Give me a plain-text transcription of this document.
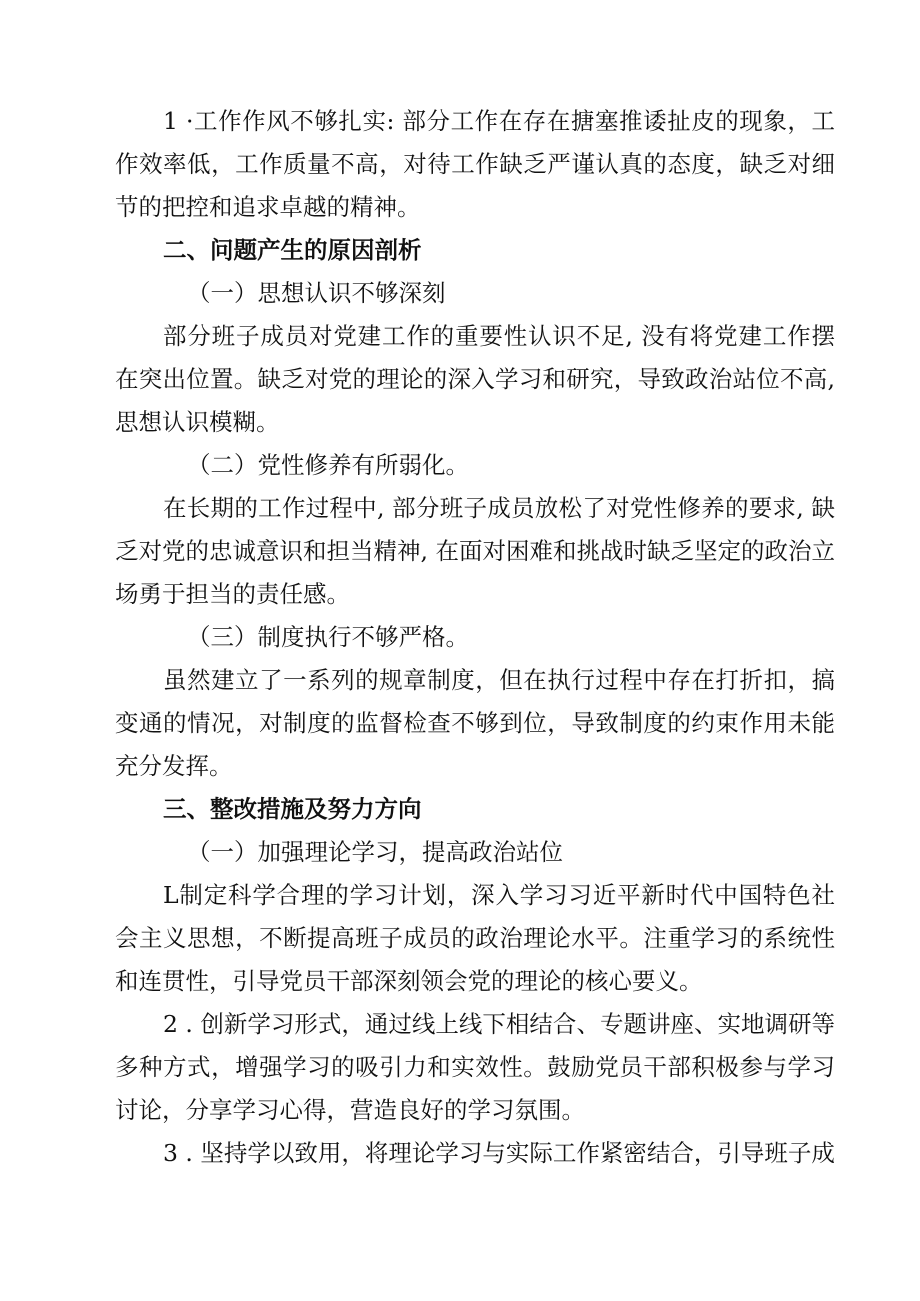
1 ·工作作风不够扎实: 部分工作在存在搪塞推诿扯皮的现象，工作效率低，工作质量不高，对待工作缺乏严谨认真的态度，缺乏对细节的把控和追求卓越的精神。

二、问题产生的原因剖析

（一）思想认识不够深刻

部分班子成员对党建工作的重要性认识不足, 没有将党建工作摆在突出位置。缺乏对党的理论的深入学习和研究，导致政治站位不高, 思想认识模糊。

（二）党性修养有所弱化。

在长期的工作过程中, 部分班子成员放松了对党性修养的要求, 缺乏对党的忠诚意识和担当精神, 在面对困难和挑战时缺乏坚定的政治立场勇于担当的责任感。

（三）制度执行不够严格。

虽然建立了一系列的规章制度，但在执行过程中存在打折扣，搞变通的情况，对制度的监督检查不够到位，导致制度的约束作用未能充分发挥。

三、整改措施及努力方向

（一）加强理论学习，提高政治站位

L制定科学合理的学习计划，深入学习习近平新时代中国特色社会主义思想，不断提高班子成员的政治理论水平。注重学习的系统性和连贯性，引导党员干部深刻领会党的理论的核心要义。

2 . 创新学习形式，通过线上线下相结合、专题讲座、实地调研等多种方式，增强学习的吸引力和实效性。鼓励党员干部积极参与学习讨论，分享学习心得，营造良好的学习氛围。

3 . 坚持学以致用，将理论学习与实际工作紧密结合，引导班子成
